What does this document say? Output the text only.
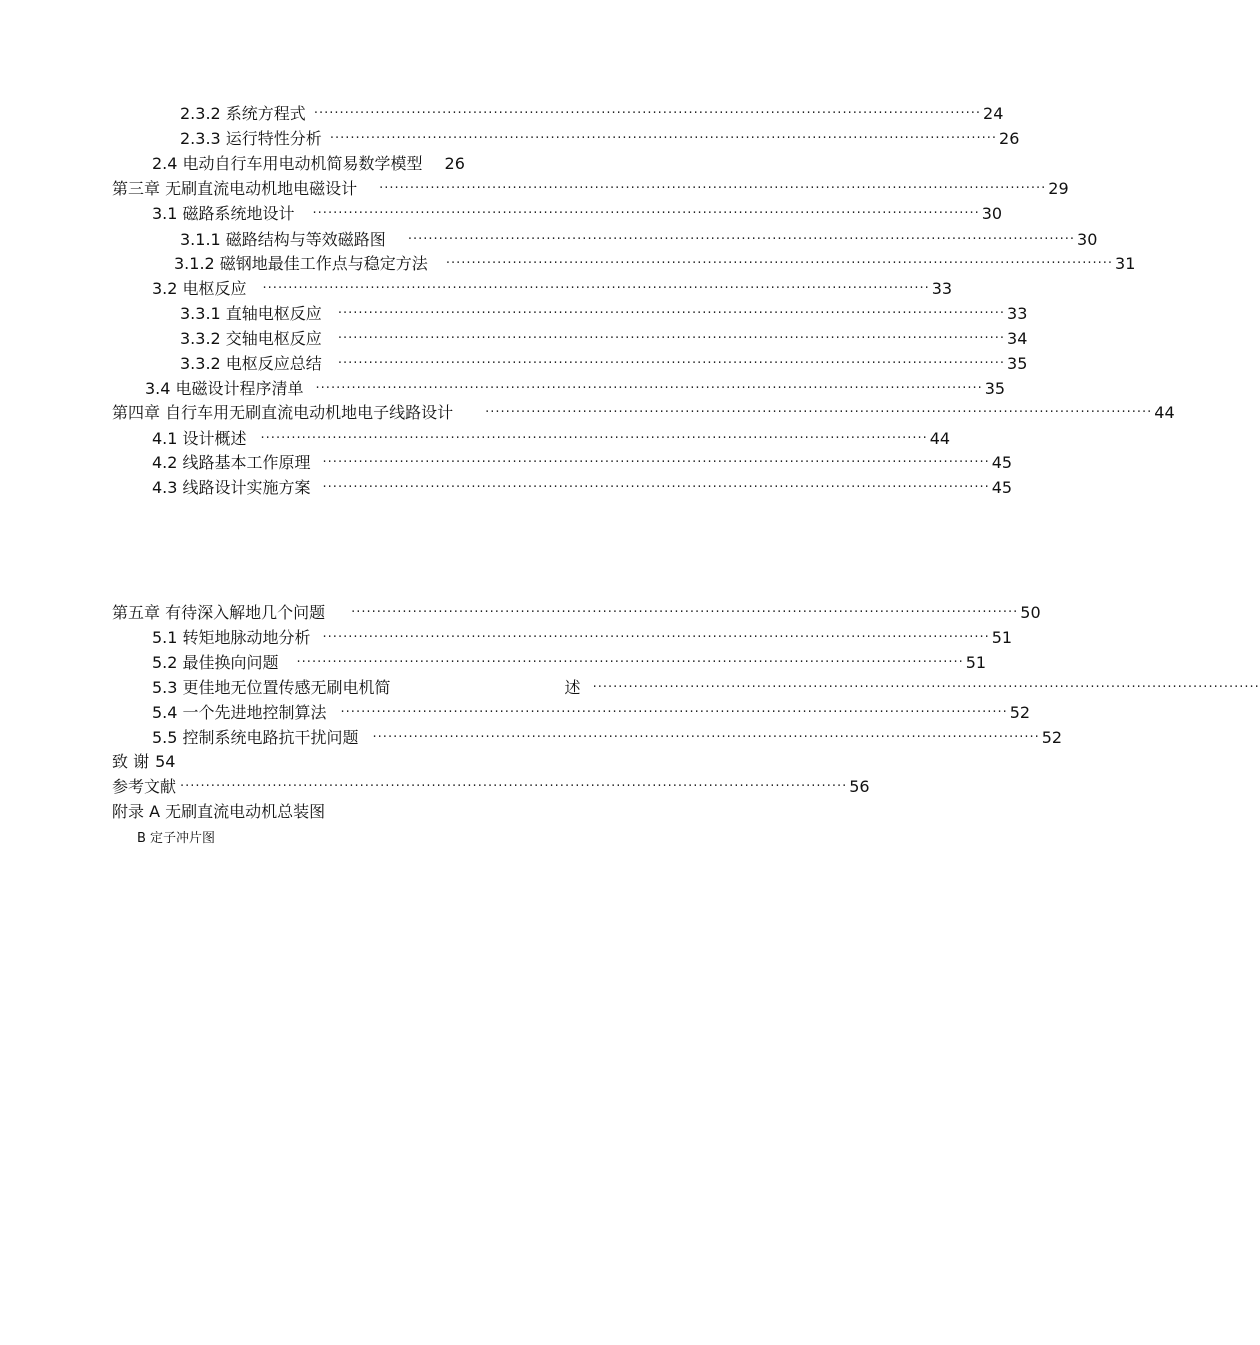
2.3.2 系统方程式 ·································································································································· 24
2.3.3 运行特性分析 ·································································································································· 26
2.4 电动自行车用电动机简易数学模型 26
第三章 无刷直流电动机地电磁设计 ·································································································································· 29
3.1 磁路系统地设计 ·································································································································· 30
3.1.1 磁路结构与等效磁路图 ·································································································································· 30
3.1.2 磁钢地最佳工作点与稳定方法 ·································································································································· 31
3.2 电枢反应 ·································································································································· 33
3.3.1 直轴电枢反应 ·································································································································· 33
3.3.2 交轴电枢反应 ·································································································································· 34
3.3.2 电枢反应总结 ·································································································································· 35
3.4 电磁设计程序清单 ·································································································································· 35
第四章 自行车用无刷直流电动机地电子线路设计 ·································································································································· 44
4.1 设计概述 ·································································································································· 44
4.2 线路基本工作原理 ·································································································································· 45
4.3 线路设计实施方案 ·································································································································· 45
第五章 有待深入解地几个问题 ·································································································································· 50
5.1 转矩地脉动地分析 ·································································································································· 51
5.2 最佳换向问题 ·································································································································· 51
5.3 更佳地无位置传感无刷电机简	述 ··································································································································
5.4 一个先进地控制算法 ·································································································································· 52
5.5 控制系统电路抗干扰问题 ·································································································································· 52
致 谢 54
参考文献 ·································································································································· 56
附录 A 无刷直流电动机总装图
B 定子冲片图
